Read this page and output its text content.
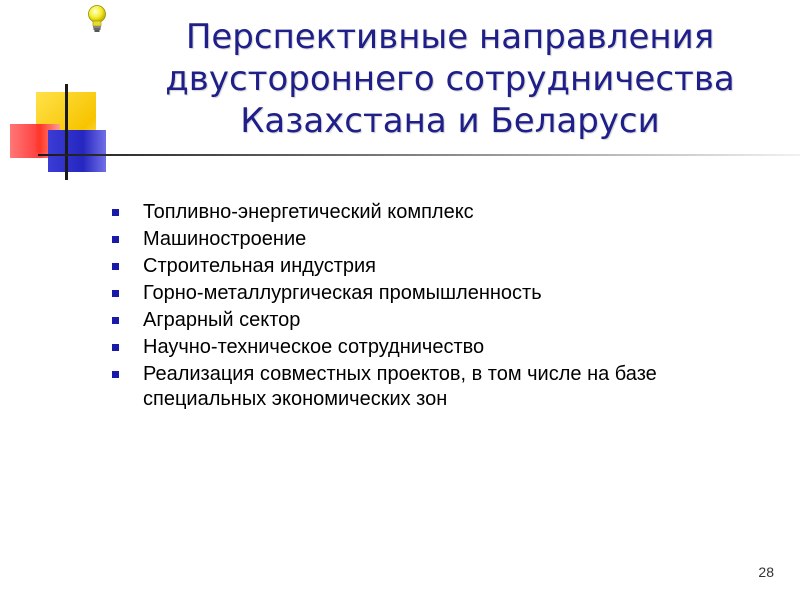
Перспективные направления
двустороннего сотрудничества
Казахстана и Беларуси
Топливно-энергетический комплекс
Машиностроение
Строительная индустрия
Горно-металлургическая промышленность
Аграрный сектор
Научно-техническое сотрудничество
Реализация совместных проектов, в том числе на базе специальных экономических зон
28
